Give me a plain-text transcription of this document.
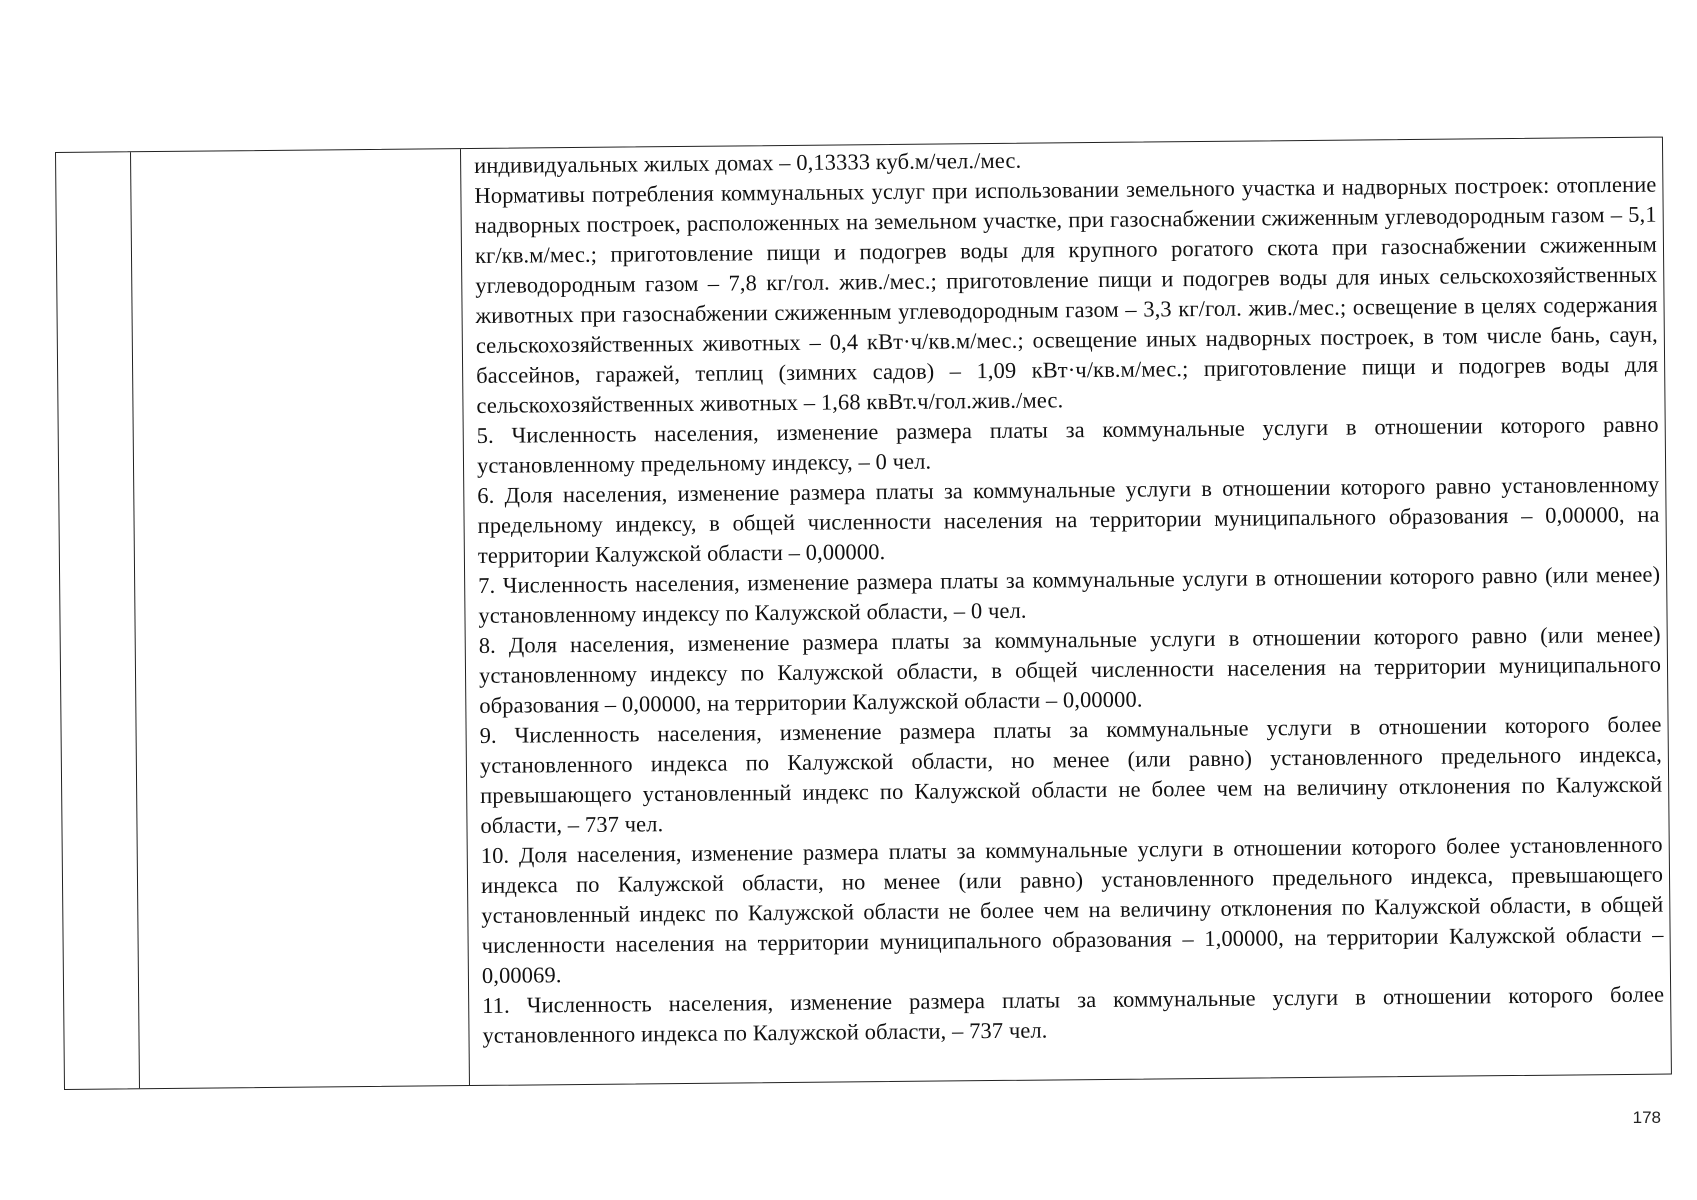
индивидуальных жилых домах – 0,13333 куб.м/чел./мес.

Нормативы потребления коммунальных услуг при использовании земельного участка и надворных построек: отопление надворных построек, расположенных на земельном участке, при газоснабжении сжиженным углеводородным газом – 5,1 кг/кв.м/мес.; приготовление пищи и подогрев воды для крупного рогатого скота при газоснабжении сжиженным углеводородным газом – 7,8 кг/гол. жив./мес.; приготовление пищи и подогрев воды для иных сельскохозяйственных животных при газоснабжении сжиженным углеводородным газом – 3,3 кг/гол. жив./мес.; освещение в целях содержания сельскохозяйственных животных – 0,4 кВт·ч/кв.м/мес.; освещение иных надворных построек, в том числе бань, саун, бассейнов, гаражей, теплиц (зимних садов) – 1,09 кВт·ч/кв.м/мес.; приготовление пищи и подогрев воды для сельскохозяйственных животных – 1,68 квВт.ч/гол.жив./мес.

5. Численность населения, изменение размера платы за коммунальные услуги в отношении которого равно установленному предельному индексу, – 0 чел.

6. Доля населения, изменение размера платы за коммунальные услуги в отношении которого равно установленному предельному индексу, в общей численности населения на территории муниципального образования – 0,00000, на территории Калужской области – 0,00000.

7. Численность населения, изменение размера платы за коммунальные услуги в отношении которого равно (или менее) установленному индексу по Калужской области, – 0 чел.

8. Доля населения, изменение размера платы за коммунальные услуги в отношении которого равно (или менее) установленному индексу по Калужской области, в общей численности населения на территории муниципального образования – 0,00000, на территории Калужской области – 0,00000.

9. Численность населения, изменение размера платы за коммунальные услуги в отношении которого более установленного индекса по Калужской области, но менее (или равно) установленного предельного индекса, превышающего установленный индекс по Калужской области не более чем на величину отклонения по Калужской области, – 737 чел.

10. Доля населения, изменение размера платы за коммунальные услуги в отношении которого более установленного индекса по Калужской области, но менее (или равно) установленного предельного индекса, превышающего установленный индекс по Калужской области не более чем на величину отклонения по Калужской области, в общей численности населения на территории муниципального образования – 1,00000, на территории Калужской области – 0,00069.

11. Численность населения, изменение размера платы за коммунальные услуги в отношении которого более установленного индекса по Калужской области, – 737 чел.

178
